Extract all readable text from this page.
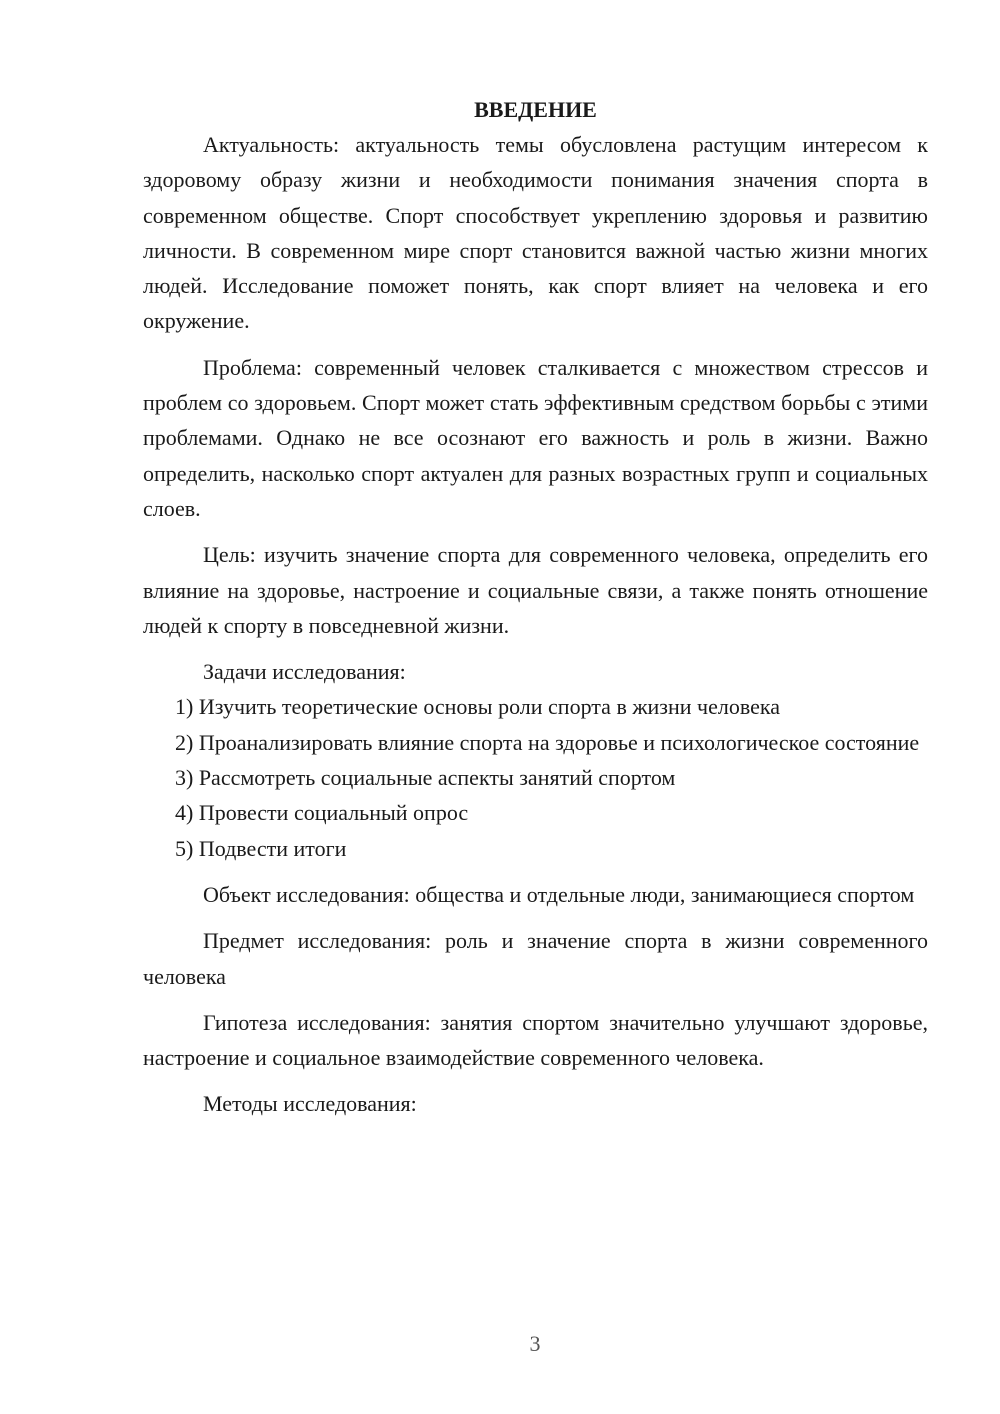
ВВЕДЕНИЕ

Актуальность: актуальность темы обусловлена растущим интересом к здоровому образу жизни и необходимости понимания значения спорта в современном обществе. Спорт способствует укреплению здоровья и развитию личности. В современном мире спорт становится важной частью жизни многих людей. Исследование поможет понять, как спорт влияет на человека и его окружение.

Проблема: современный человек сталкивается с множеством стрессов и проблем со здоровьем. Спорт может стать эффективным средством борьбы с этими проблемами. Однако не все осознают его важность и роль в жизни. Важно определить, насколько спорт актуален для разных возрастных групп и социальных слоев.

Цель: изучить значение спорта для современного человека, определить его влияние на здоровье, настроение и социальные связи, а также понять отношение людей к спорту в повседневной жизни.

Задачи исследования:

1) Изучить теоретические основы роли спорта в жизни человека

2) Проанализировать влияние спорта на здоровье и психологическое состояние

3) Рассмотреть социальные аспекты занятий спортом

4) Провести социальный опрос

5) Подвести итоги

Объект исследования: общества и отдельные люди, занимающиеся спортом

Предмет исследования: роль и значение спорта в жизни современного человека

Гипотеза исследования: занятия спортом значительно улучшают здоровье, настроение и социальное взаимодействие современного человека.

Методы исследования:

3
